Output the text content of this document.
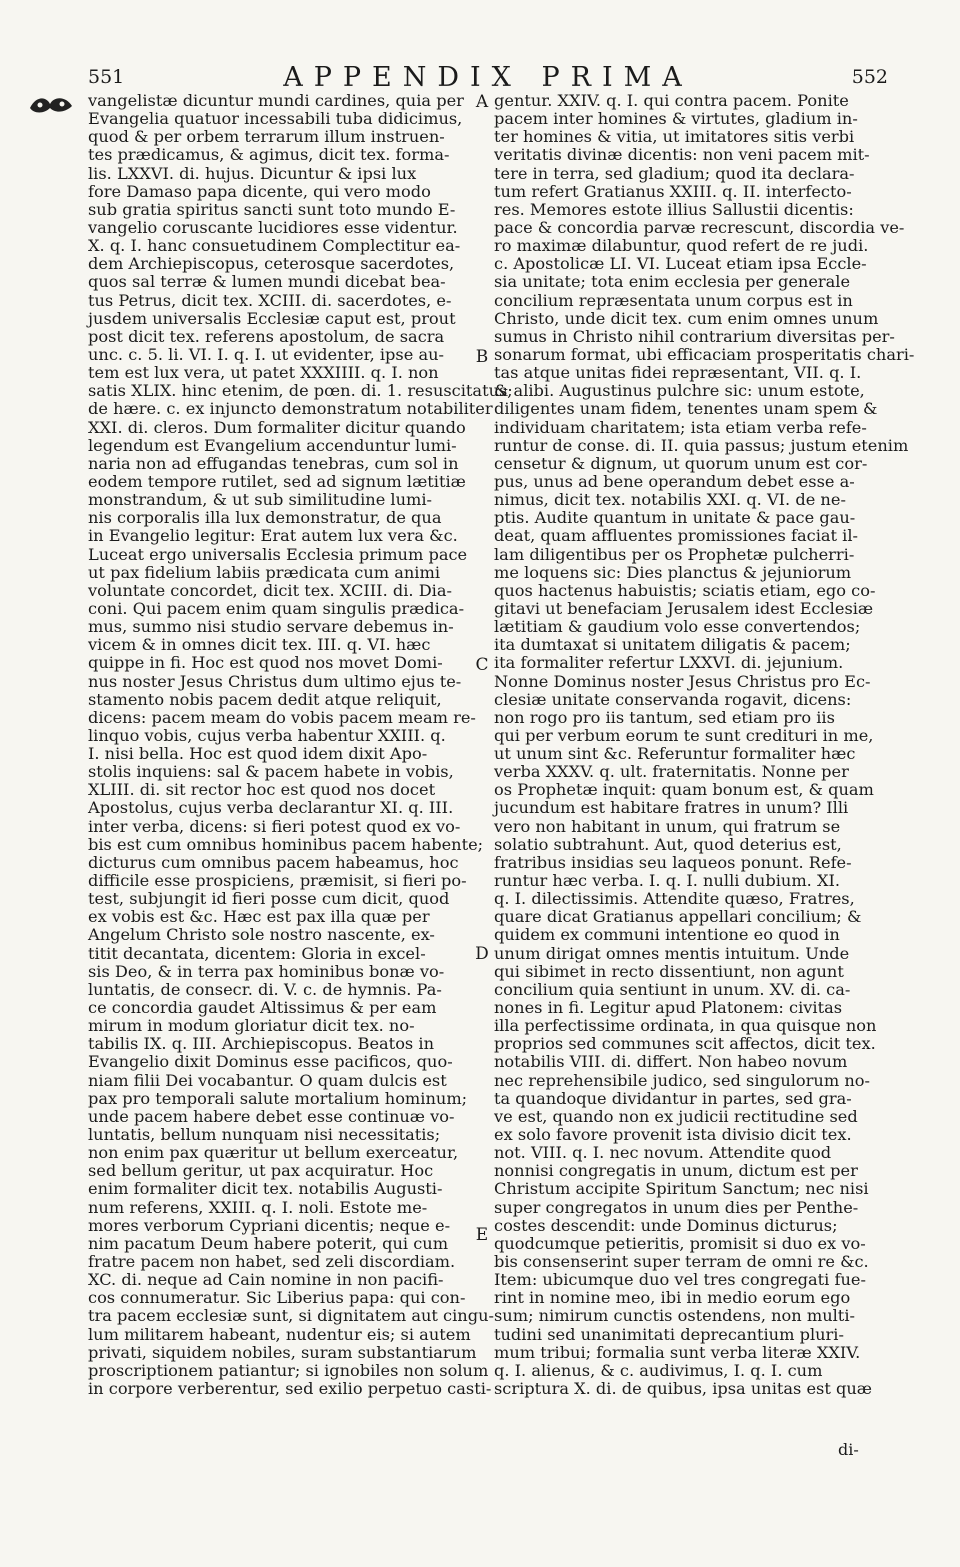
551	APPENDIX PRIMA	552
vangelistæ dicuntur mundi cardines, quia per
Evangelia quatuor incessabili tuba didicimus,
quod & per orbem terrarum illum instruen-
tes prædicamus, & agimus, dicit tex. forma-
lis. LXXVI. di. hujus. Dicuntur & ipsi lux
fore Damaso papa dicente, qui vero modo
sub gratia spiritus sancti sunt toto mundo E-
vangelio coruscante lucidiores esse videntur.
X. q. I. hanc consuetudinem Complectitur ea-
dem Archiepiscopus, ceterosque sacerdotes,
quos sal terræ & lumen mundi dicebat bea-
tus Petrus, dicit tex. XCIII. di. sacerdotes, e-
jusdem universalis Ecclesiæ caput est, prout
post dicit tex. referens apostolum, de sacra
unc. c. 5. li. VI. I. q. I. ut evidenter, ipse au-
tem est lux vera, ut patet XXXIIII. q. I. non
satis XLIX. hinc etenim, de pœn. di. 1. resuscitatus;
de hære. c. ex injuncto demonstratum notabiliter
XXI. di. cleros. Dum formaliter dicitur quando
legendum est Evangelium accenduntur lumi-
naria non ad effugandas tenebras, cum sol in
eodem tempore rutilet, sed ad signum lætitiæ
monstrandum, & ut sub similitudine lumi-
nis corporalis illa lux demonstratur, de qua
in Evangelio legitur: Erat autem lux vera &c.
Luceat ergo universalis Ecclesia primum pace
ut pax fidelium labiis prædicata cum animi
voluntate concordet, dicit tex. XCIII. di. Dia-
coni. Qui pacem enim quam singulis prædica-
mus, summo nisi studio servare debemus in-
vicem & in omnes dicit tex. III. q. VI. hæc
quippe in fi. Hoc est quod nos movet Domi-
nus noster Jesus Christus dum ultimo ejus te-
stamento nobis pacem dedit atque reliquit,
dicens: pacem meam do vobis pacem meam re-
linquo vobis, cujus verba habentur XXIII. q.
I. nisi bella. Hoc est quod idem dixit Apo-
stolis inquiens: sal & pacem habete in vobis,
XLIII. di. sit rector hoc est quod nos docet
Apostolus, cujus verba declarantur XI. q. III.
inter verba, dicens: si fieri potest quod ex vo-
bis est cum omnibus hominibus pacem habente;
dicturus cum omnibus pacem habeamus, hoc
difficile esse prospiciens, præmisit, si fieri po-
test, subjungit id fieri posse cum dicit, quod
ex vobis est &c. Hæc est pax illa quæ per
Angelum Christo sole nostro nascente, ex-
titit decantata, dicentem: Gloria in excel-
sis Deo, & in terra pax hominibus bonæ vo-
luntatis, de consecr. di. V. c. de hymnis. Pa-
ce concordia gaudet Altissimus & per eam
mirum in modum gloriatur dicit tex. no-
tabilis IX. q. III. Archiepiscopus. Beatos in
Evangelio dixit Dominus esse pacificos, quo-
niam filii Dei vocabantur. O quam dulcis est
pax pro temporali salute mortalium hominum;
unde pacem habere debet esse continuæ vo-
luntatis, bellum nunquam nisi necessitatis;
non enim pax quæritur ut bellum exerceatur,
sed bellum geritur, ut pax acquiratur. Hoc
enim formaliter dicit tex. notabilis Augusti-
num referens, XXIII. q. I. noli. Estote me-
mores verborum Cypriani dicentis; neque e-
nim pacatum Deum habere poterit, qui cum
fratre pacem non habet, sed zeli discordiam.
XC. di. neque ad Cain nomine in non pacifi-
cos connumeratur. Sic Liberius papa: qui con-
tra pacem ecclesiæ sunt, si dignitatem aut cingu-
lum militarem habeant, nudentur eis; si autem
privati, siquidem nobiles, suram substantiarum
proscriptionem patiantur; si ignobiles non solum
in corpore verberentur, sed exilio perpetuo casti-
A
B
C
D
E
gentur. XXIV. q. I. qui contra pacem. Ponite
pacem inter homines & virtutes, gladium in-
ter homines & vitia, ut imitatores sitis verbi
veritatis divinæ dicentis: non veni pacem mit-
tere in terra, sed gladium; quod ita declara-
tum refert Gratianus XXIII. q. II. interfecto-
res. Memores estote illius Sallustii dicentis:
pace & concordia parvæ recrescunt, discordia ve-
ro maximæ dilabuntur, quod refert de re judi.
c. Apostolicæ LI. VI. Luceat etiam ipsa Eccle-
sia unitate; tota enim ecclesia per generale
concilium repræsentata unum corpus est in
Christo, unde dicit tex. cum enim omnes unum
sumus in Christo nihil contrarium diversitas per-
sonarum format, ubi efficaciam prosperitatis chari-
tas atque unitas fidei repræsentant, VII. q. I.
& alibi. Augustinus pulchre sic: unum estote,
diligentes unam fidem, tenentes unam spem &
individuam charitatem; ista etiam verba refe-
runtur de conse. di. II. quia passus; justum etenim
censetur & dignum, ut quorum unum est cor-
pus, unus ad bene operandum debet esse a-
nimus, dicit tex. notabilis XXI. q. VI. de ne-
ptis. Audite quantum in unitate & pace gau-
deat, quam affluentes promissiones faciat il-
lam diligentibus per os Prophetæ pulcherri-
me loquens sic: Dies planctus & jejuniorum
quos hactenus habuistis; sciatis etiam, ego co-
gitavi ut benefaciam Jerusalem idest Ecclesiæ
lætitiam & gaudium volo esse convertendos;
ita dumtaxat si unitatem diligatis & pacem;
ita formaliter refertur LXXVI. di. jejunium.
Nonne Dominus noster Jesus Christus pro Ec-
clesiæ unitate conservanda rogavit, dicens:
non rogo pro iis tantum, sed etiam pro iis
qui per verbum eorum te sunt credituri in me,
ut unum sint &c. Referuntur formaliter hæc
verba XXXV. q. ult. fraternitatis. Nonne per
os Prophetæ inquit: quam bonum est, & quam
jucundum est habitare fratres in unum? Illi
vero non habitant in unum, qui fratrum se
solatio subtrahunt. Aut, quod deterius est,
fratribus insidias seu laqueos ponunt. Refe-
runtur hæc verba. I. q. I. nulli dubium. XI.
q. I. dilectissimis. Attendite quæso, Fratres,
quare dicat Gratianus appellari concilium; &
quidem ex communi intentione eo quod in
unum dirigat omnes mentis intuitum. Unde
qui sibimet in recto dissentiunt, non agunt
concilium quia sentiunt in unum. XV. di. ca-
nones in fi. Legitur apud Platonem: civitas
illa perfectissime ordinata, in qua quisque non
proprios sed communes scit affectos, dicit tex.
notabilis VIII. di. differt. Non habeo novum
nec reprehensibile judico, sed singulorum no-
ta quandoque dividantur in partes, sed gra-
ve est, quando non ex judicii rectitudine sed
ex solo favore provenit ista divisio dicit tex.
not. VIII. q. I. nec novum. Attendite quod
nonnisi congregatis in unum, dictum est per
Christum accipite Spiritum Sanctum; nec nisi
super congregatos in unum dies per Penthe-
costes descendit: unde Dominus dicturus;
quodcumque petieritis, promisit si duo ex vo-
bis consenserint super terram de omni re &c.
Item: ubicumque duo vel tres congregati fue-
rint in nomine meo, ibi in medio eorum ego
sum; nimirum cunctis ostendens, non multi-
tudini sed unanimitati deprecantium pluri-
mum tribui; formalia sunt verba literæ XXIV.
q. I. alienus, & c. audivimus, I. q. I. cum
scriptura X. di. de quibus, ipsa unitas est quæ
di-
